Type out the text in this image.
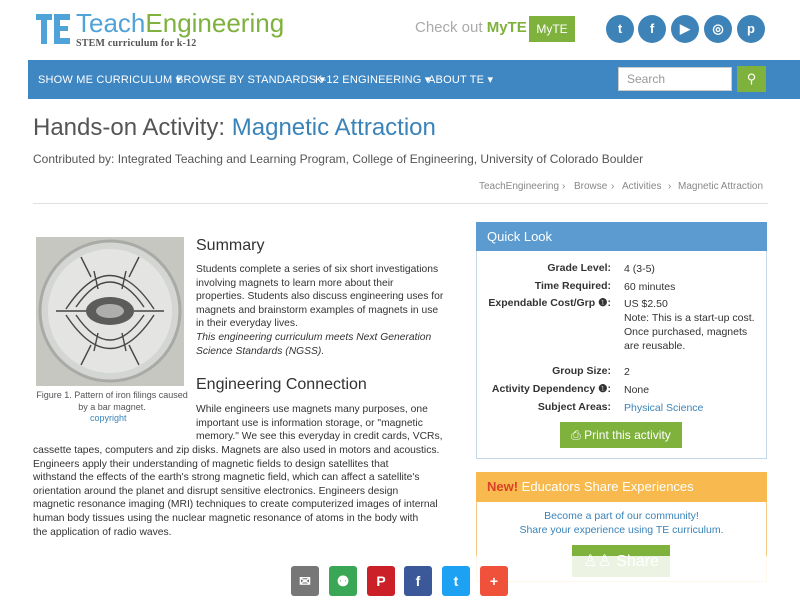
TeachEngineering
STEM curriculum for k-12
Check out MyTE MyTE	t	f	▶	◎	p
SHOW ME CURRICULUM ▾
BROWSE BY STANDARDS ▾
K-12 ENGINEERING ▾
ABOUT TE ▾	Search	⚲
Hands-on Activity: Magnetic Attraction
Contributed by: Integrated Teaching and Learning Program, College of Engineering, University of Colorado Boulder
TeachEngineering › Browse › Activities › Magnetic Attraction
Figure 1. Pattern of iron filings caused by a bar magnet.
copyright
Summary
Students complete a series of six short investigations
involving magnets to learn more about their
properties. Students also discuss engineering uses for
magnets and brainstorm examples of magnets in use
in their everyday lives.
This engineering curriculum meets Next Generation
Science Standards (NGSS).
Engineering Connection
While engineers use magnets many purposes, one
important use is information storage, or "magnetic
memory." We see this everyday in credit cards, VCRs,
cassette tapes, computers and zip disks. Magnets are also used in motors and acoustics.
Engineers apply their understanding of magnetic fields to design satellites that
withstand the effects of the earth's strong magnetic field, which can affect a satellite's
orientation around the planet and disrupt sensitive electronics. Engineers design
magnetic resonance imaging (MRI) techniques to create computerized images of internal
human body tissues using the nuclear magnetic resonance of atoms in the body with
the application of radio waves.
Quick Look
Grade Level: 4 (3-5)
Time Required: 60 minutes
Expendable Cost/Grp ❶: US $2.50
Note: This is a start-up cost.
Once purchased, magnets
are reusable.
Group Size: 2
Activity Dependency ❶: None
Subject Areas: Physical Science
⎙ Print this activity
New! Educators Share Experiences
Become a part of our community!
Share your experience using TE curriculum.
✉	⚉	P	f	t	+
